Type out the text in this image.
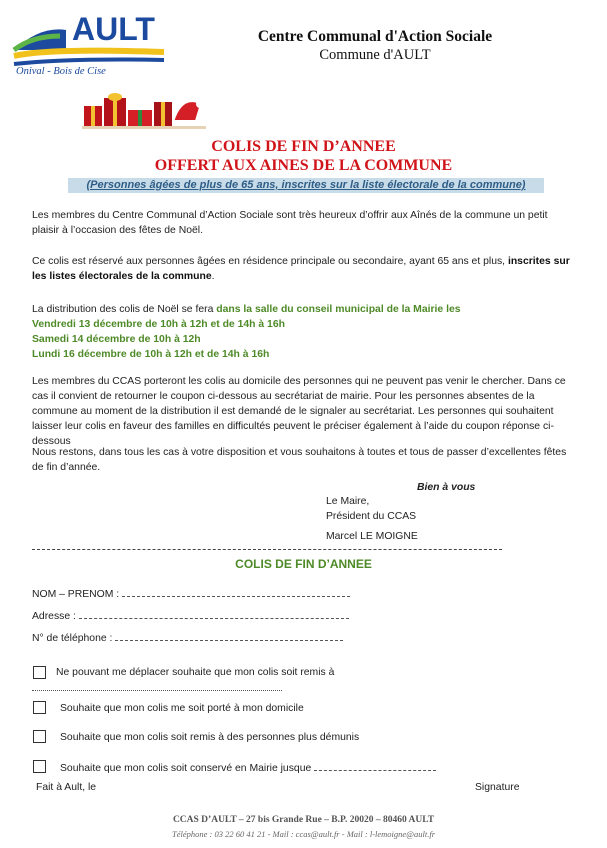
AULT
Onival - Bois de Cise
Centre Communal d'Action Sociale
Commune d'AULT
COLIS DE FIN D’ANNEE
OFFERT AUX AINES DE LA COMMUNE
(Personnes âgées de plus de 65 ans, inscrites sur la liste électorale de la commune)
Les membres du Centre Communal d’Action Sociale sont très heureux d’offrir aux Aînés de la commune un petit plaisir à l’occasion des fêtes de Noël.
Ce colis est réservé aux personnes âgées en résidence principale ou secondaire, ayant 65 ans et plus, inscrites sur les listes électorales de la commune.
La distribution des colis de Noël se fera dans la salle du conseil municipal de la Mairie les
Vendredi 13 décembre de 10h à 12h et de 14h à 16h
Samedi 14 décembre de 10h à 12h
Lundi 16 décembre de 10h à 12h et de 14h à 16h
Les membres du CCAS porteront les colis au domicile des personnes qui ne peuvent pas venir le chercher. Dans ce cas il convient de retourner le coupon ci-dessous au secrétariat de mairie. Pour les personnes absentes de la commune au moment de la distribution il est demandé de le signaler au secrétariat. Les personnes qui souhaitent laisser leur colis en faveur des familles en difficultés peuvent le préciser également à l’aide du coupon réponse ci-dessous
Nous restons, dans tous les cas à votre disposition et vous souhaitons à toutes et tous de passer d’excellentes fêtes de fin d’année.
Bien à vous
Le Maire,
Président du CCAS
Marcel LE MOIGNE
COLIS DE FIN D’ANNEE
NOM – PRENOM :
Adresse :
N° de téléphone :
Ne pouvant me déplacer souhaite que mon colis soit remis à
Souhaite que mon colis me soit porté à mon domicile
Souhaite que mon colis soit remis à des personnes plus démunis
Souhaite que mon colis soit conservé en Mairie jusque
Fait à Ault, le	Signature
CCAS D’AULT – 27 bis Grande Rue – B.P. 20020 – 80460 AULT
Téléphone : 03 22 60 41 21 - Mail : ccas@ault.fr - Mail : l-lemoigne@ault.fr
